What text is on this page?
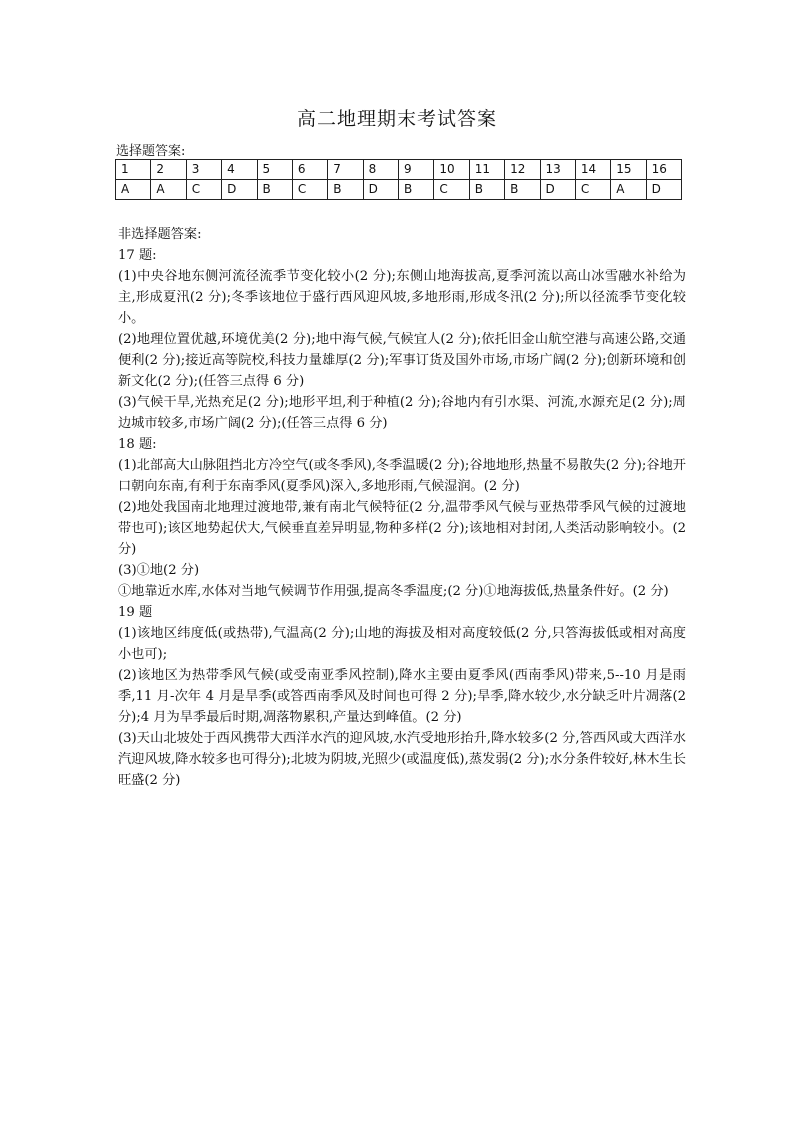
高二地理期末考试答案
选择题答案:
1	2	3	4	5	6	7	8	9	10	11	12	13	14	15	16
A	A	C	D	B	C	B	D	B	C	B	B	D	C	A	D

非选择题答案:

17 题:

(1)中央谷地东侧河流径流季节变化较小(2 分);东侧山地海拔高,夏季河流以高山冰雪融水补给为主,形成夏汛(2 分);冬季该地位于盛行西风迎风坡,多地形雨,形成冬汛(2 分);所以径流季节变化较小。

(2)地理位置优越,环境优美(2 分);地中海气候,气候宜人(2 分);依托旧金山航空港与高速公路,交通便利(2 分);接近高等院校,科技力量雄厚(2 分);军事订货及国外市场,市场广阔(2 分);创新环境和创新文化(2 分);(任答三点得 6 分)

(3)气候干旱,光热充足(2 分);地形平坦,利于种植(2 分);谷地内有引水渠、河流,水源充足(2 分);周边城市较多,市场广阔(2 分);(任答三点得 6 分)

18 题:

(1)北部高大山脉阻挡北方冷空气(或冬季风),冬季温暖(2 分);谷地地形,热量不易散失(2 分);谷地开口朝向东南,有利于东南季风(夏季风)深入,多地形雨,气候湿润。(2 分)

(2)地处我国南北地理过渡地带,兼有南北气候特征(2 分,温带季风气候与亚热带季风气候的过渡地带也可);该区地势起伏大,气候垂直差异明显,物种多样(2 分);该地相对封闭,人类活动影响较小。(2 分)

(3)①地(2 分)

①地靠近水库,水体对当地气候调节作用强,提高冬季温度;(2 分)①地海拔低,热量条件好。(2 分)

19 题

(1)该地区纬度低(或热带),气温高(2 分);山地的海拔及相对高度较低(2 分,只答海拔低或相对高度小也可);

(2)该地区为热带季风气候(或受南亚季风控制),降水主要由夏季风(西南季风)带来,5--10 月是雨季,11 月-次年 4 月是旱季(或答西南季风及时间也可得 2 分);旱季,降水较少,水分缺乏叶片凋落(2 分);4 月为旱季最后时期,凋落物累积,产量达到峰值。(2 分)

(3)天山北坡处于西风携带大西洋水汽的迎风坡,水汽受地形抬升,降水较多(2 分,答西风或大西洋水汽迎风坡,降水较多也可得分);北坡为阴坡,光照少(或温度低),蒸发弱(2 分);水分条件较好,林木生长旺盛(2 分)
